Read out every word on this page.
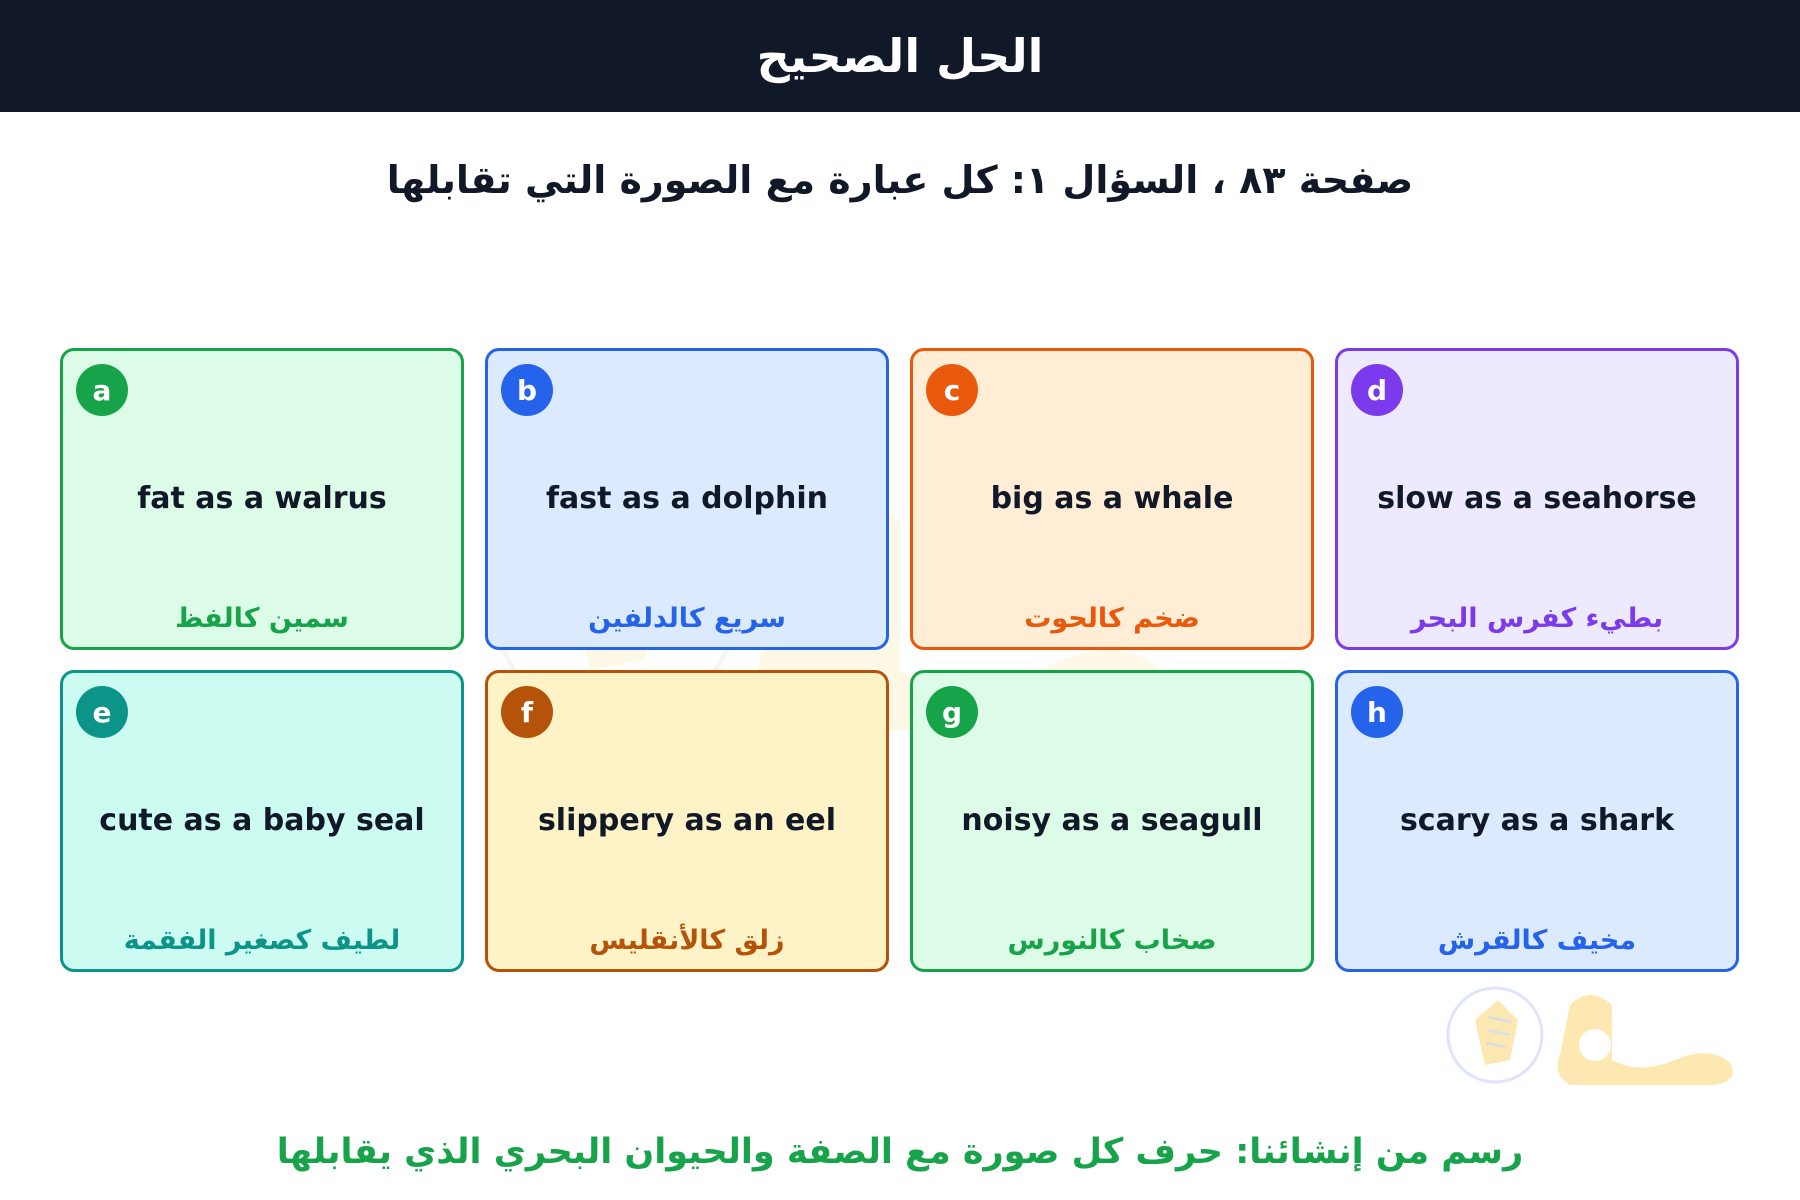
الحل الصحيح
صفحة ٨٣ ، السؤال ١: كل عبارة مع الصورة التي تقابلها
a
fat as a walrus
سمين كالفظ
b
fast as a dolphin
سريع كالدلفين
c
big as a whale
ضخم كالحوت
d
slow as a seahorse
بطيء كفرس البحر
e
cute as a baby seal
لطيف كصغير الفقمة
f
slippery as an eel
زلق كالأنقليس
g
noisy as a seagull
صخاب كالنورس
h
scary as a shark
مخيف كالقرش
رسم من إنشائنا: حرف كل صورة مع الصفة والحيوان البحري الذي يقابلها
